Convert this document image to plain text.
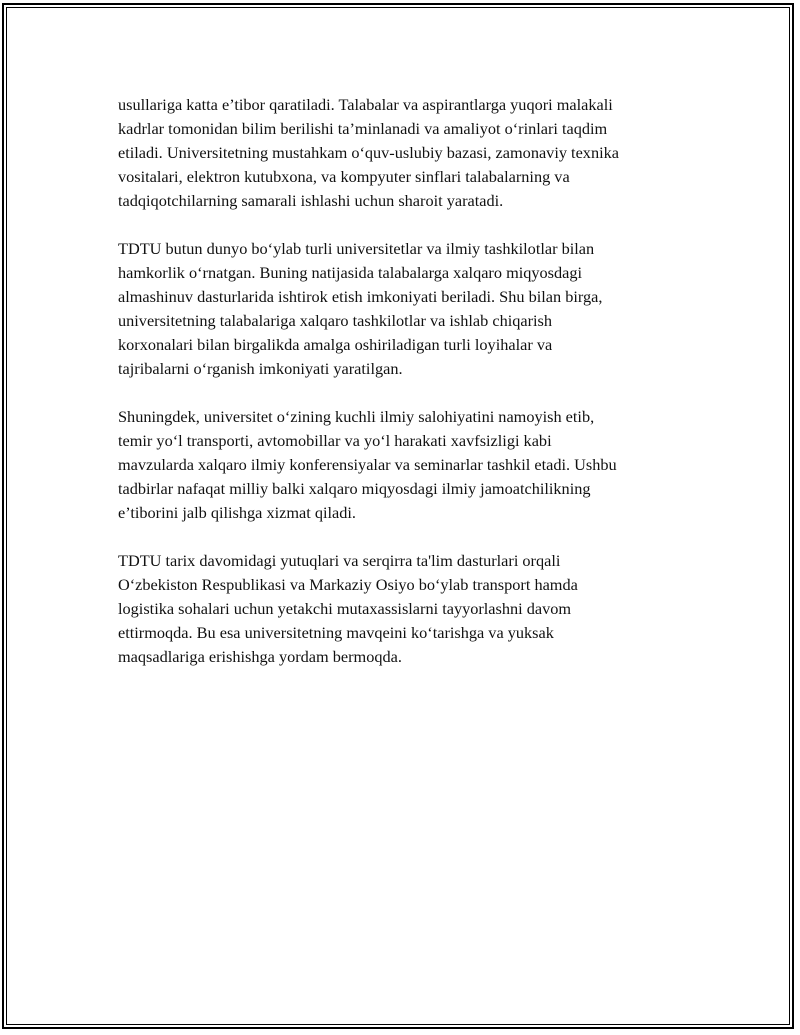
usullariga katta e’tibor qaratiladi. Talabalar va aspirantlarga yuqori malakali
kadrlar tomonidan bilim berilishi ta’minlanadi va amaliyot o‘rinlari taqdim
etiladi. Universitetning mustahkam o‘quv-uslubiy bazasi, zamonaviy texnika
vositalari, elektron kutubxona, va kompyuter sinflari talabalarning va
tadqiqotchilarning samarali ishlashi uchun sharoit yaratadi.

TDTU butun dunyo bo‘ylab turli universitetlar va ilmiy tashkilotlar bilan
hamkorlik o‘rnatgan. Buning natijasida talabalarga xalqaro miqyosdagi
almashinuv dasturlarida ishtirok etish imkoniyati beriladi. Shu bilan birga,
universitetning talabalariga xalqaro tashkilotlar va ishlab chiqarish
korxonalari bilan birgalikda amalga oshiriladigan turli loyihalar va
tajribalarni o‘rganish imkoniyati yaratilgan.

Shuningdek, universitet o‘zining kuchli ilmiy salohiyatini namoyish etib,
temir yo‘l transporti, avtomobillar va yo‘l harakati xavfsizligi kabi
mavzularda xalqaro ilmiy konferensiyalar va seminarlar tashkil etadi. Ushbu
tadbirlar nafaqat milliy balki xalqaro miqyosdagi ilmiy jamoatchilikning
e’tiborini jalb qilishga xizmat qiladi.

TDTU tarix davomidagi yutuqlari va serqirra ta'lim dasturlari orqali
O‘zbekiston Respublikasi va Markaziy Osiyo bo‘ylab transport hamda
logistika sohalari uchun yetakchi mutaxassislarni tayyorlashni davom
ettirmoqda. Bu esa universitetning mavqeini ko‘tarishga va yuksak
maqsadlariga erishishga yordam bermoqda.
